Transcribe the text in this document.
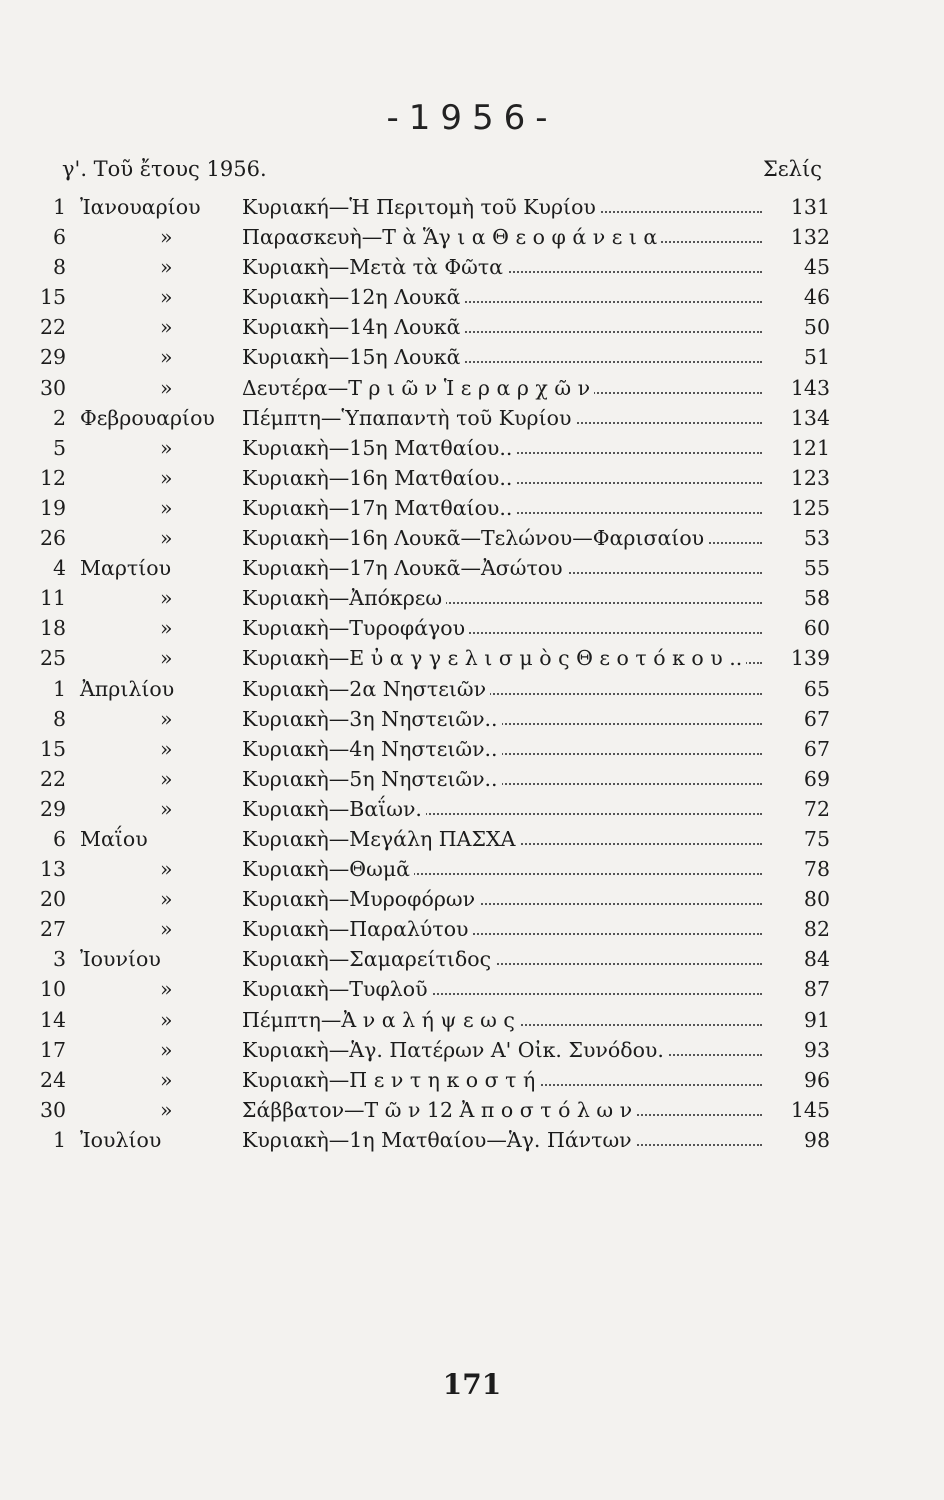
-1956-
γ'. Τοῦ ἔτους 1956.	Σελίς
1 Ἰανουαρίου	Κυριακή—Ἡ Περιτομὴ τοῦ Κυρίου	131
6	»	Παρασκευὴ—Τ ὰ Ἅγ ι α Θ ε ο φ ά ν ε ι α	132
8	»	Κυριακὴ—Μετὰ τὰ Φῶτα	45
15	»	Κυριακὴ—12η Λουκᾶ	46
22	»	Κυριακὴ—14η Λουκᾶ	50
29	»	Κυριακὴ—15η Λουκᾶ	51
30	»	Δευτέρα—Τ ρ ι ῶ ν Ἱ ε ρ α ρ χ ῶ ν	143
2 Φεβρουαρίου	Πέμπτη—Ὑπαπαντὴ τοῦ Κυρίου	134
5	»	Κυριακὴ—15η Ματθαίου..	121
12	»	Κυριακὴ—16η Ματθαίου..	123
19	»	Κυριακὴ—17η Ματθαίου..	125
26	»	Κυριακὴ—16η Λουκᾶ—Τελώνου—Φαρισαίου	53
4 Μαρτίου	Κυριακὴ—17η Λουκᾶ—Ἀσώτου	55
11	»	Κυριακὴ—Ἀπόκρεω	58
18	»	Κυριακὴ—Τυροφάγου	60
25	»	Κυριακὴ—Ε ὐ α γ γ ε λ ι σ μ ὸ ς Θ ε ο τ ό κ ο υ ..	139
1 Ἀπριλίου	Κυριακὴ—2α Νηστειῶν	65
8	»	Κυριακὴ—3η Νηστειῶν..	67
15	»	Κυριακὴ—4η Νηστειῶν..	67
22	»	Κυριακὴ—5η Νηστειῶν..	69
29	»	Κυριακὴ—Βαΐων.	72
6 Μαΐου	Κυριακὴ—Μεγάλη ΠΑΣΧΑ	75
13	»	Κυριακὴ—Θωμᾶ	78
20	»	Κυριακὴ—Μυροφόρων	80
27	»	Κυριακὴ—Παραλύτου	82
3 Ἰουνίου	Κυριακὴ—Σαμαρείτιδος	84
10	»	Κυριακὴ—Τυφλοῦ	87
14	»	Πέμπτη—Ἀ ν α λ ή ψ ε ω ς	91
17	»	Κυριακὴ—Ἁγ. Πατέρων Α' Οἰκ. Συνόδου.	93
24	»	Κυριακὴ—Π ε ν τ η κ ο σ τ ή	96
30	»	Σάββατον—Τ ῶ ν 12 Ἀ π ο σ τ ό λ ω ν	145
1 Ἰουλίου	Κυριακὴ—1η Ματθαίου—Ἁγ. Πάντων	98
171
